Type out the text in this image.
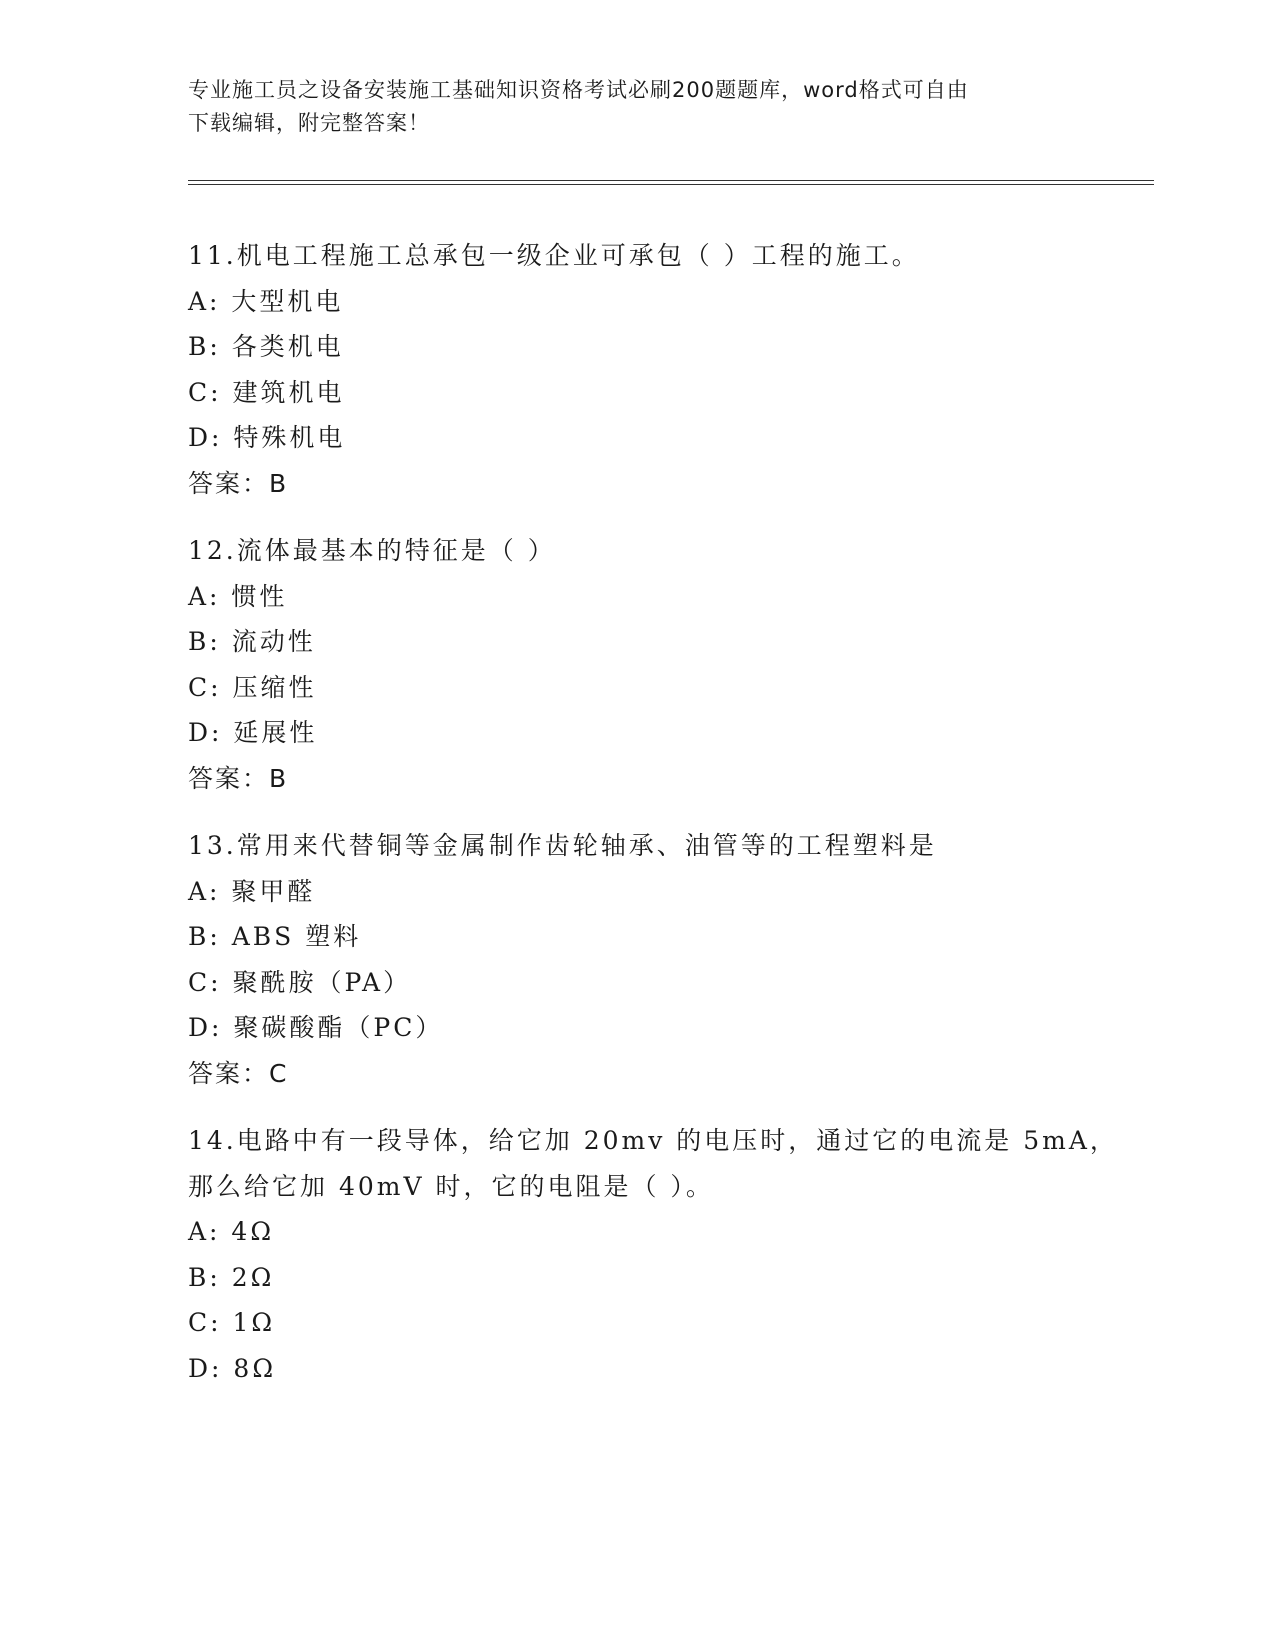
专业施工员之设备安装施工基础知识资格考试必刷200题题库，word格式可自由
下载编辑，附完整答案！
11.机电工程施工总承包一级企业可承包（ ）工程的施工。
A: 大型机电
B: 各类机电
C: 建筑机电
D: 特殊机电
答案：B
12.流体最基本的特征是（ ）
A: 惯性
B: 流动性
C: 压缩性
D: 延展性
答案：B
13.常用来代替铜等金属制作齿轮轴承、油管等的工程塑料是
A: 聚甲醛
B: ABS 塑料
C: 聚酰胺（PA）
D: 聚碳酸酯（PC）
答案：C
14.电路中有一段导体，给它加 20mv 的电压时，通过它的电流是 5mA，
那么给它加 40mV 时，它的电阻是（ ）。
A: 4Ω
B: 2Ω
C: 1Ω
D: 8Ω
